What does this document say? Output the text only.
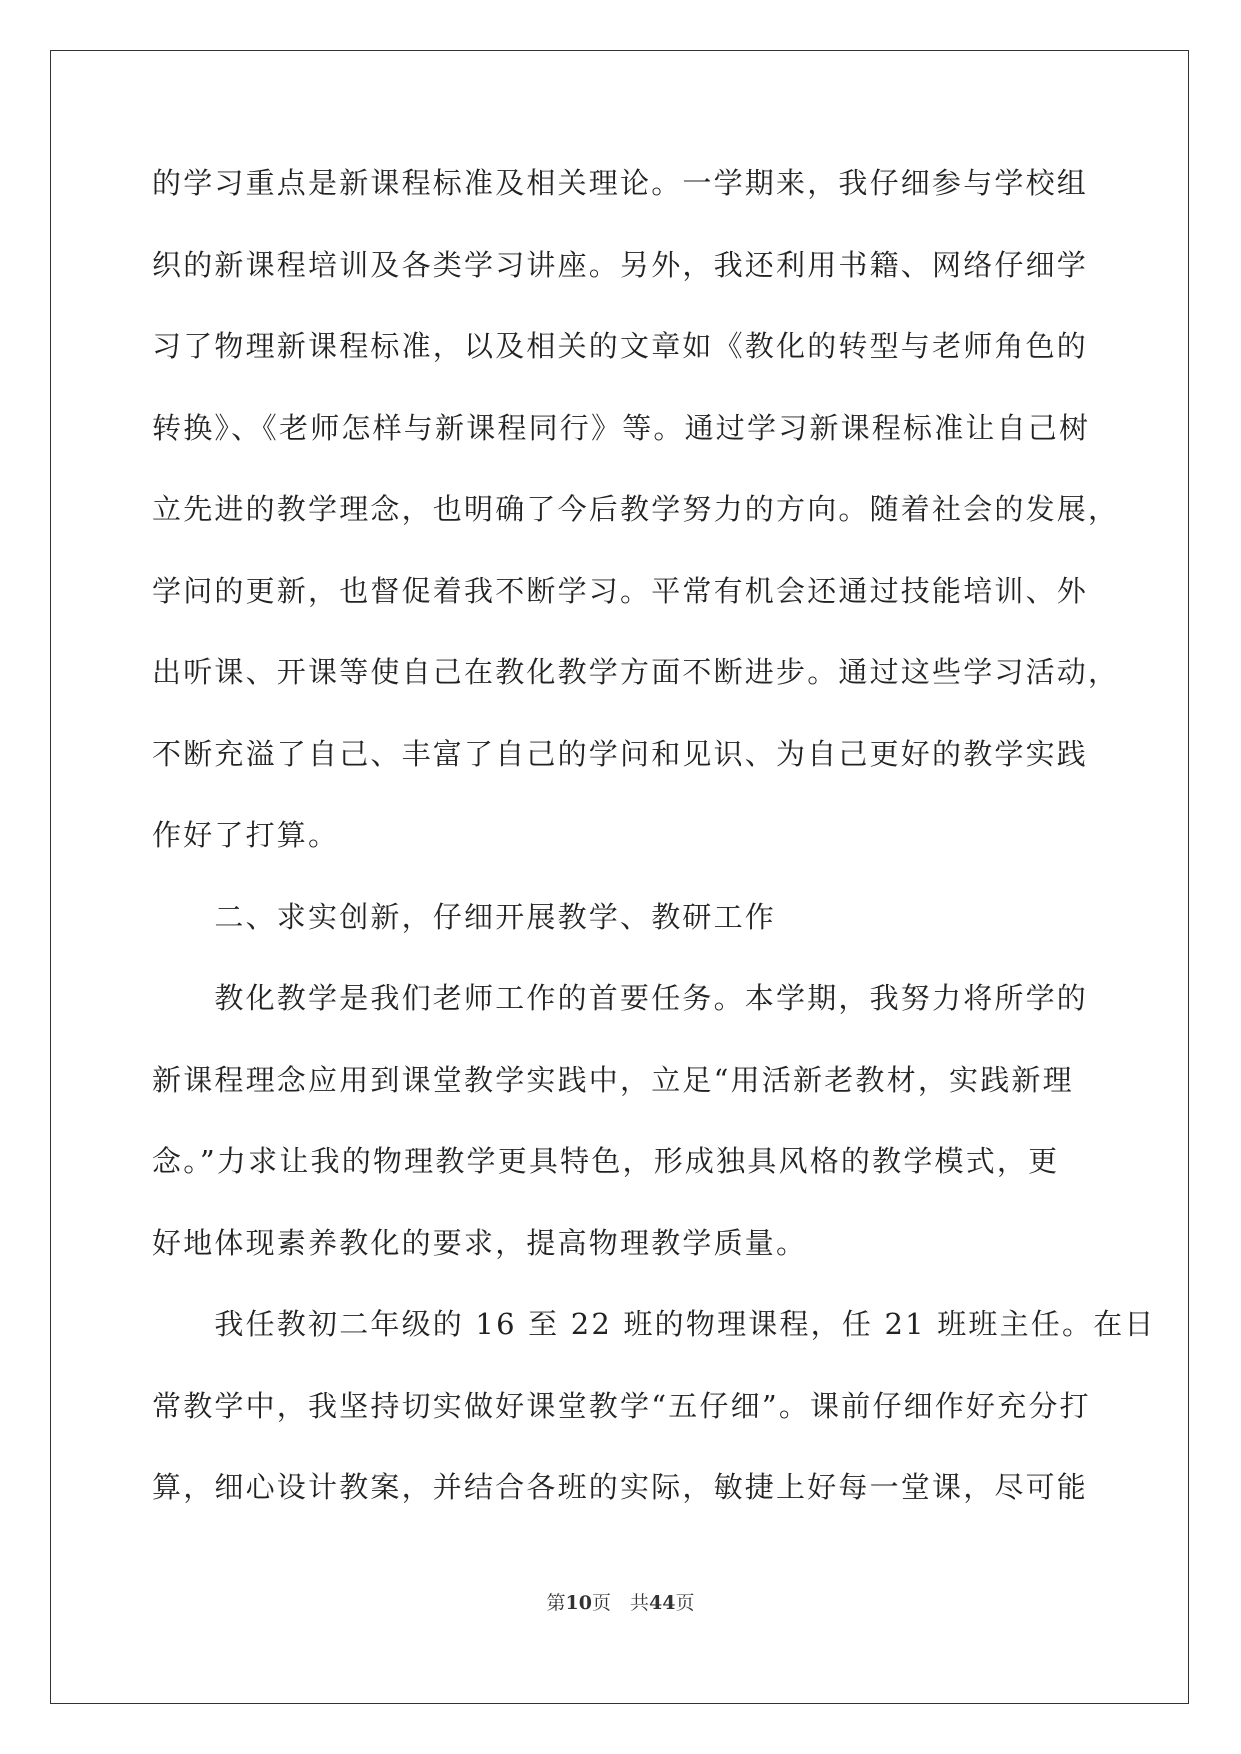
的学习重点是新课程标准及相关理论。一学期来，我仔细参与学校组
织的新课程培训及各类学习讲座。另外，我还利用书籍、网络仔细学
习了物理新课程标准，以及相关的文章如《教化的转型与老师角色的
转换》、《老师怎样与新课程同行》等。通过学习新课程标准让自己树
立先进的教学理念，也明确了今后教学努力的方向。随着社会的发展，
学问的更新，也督促着我不断学习。平常有机会还通过技能培训、外
出听课、开课等使自己在教化教学方面不断进步。通过这些学习活动，
不断充溢了自己、丰富了自己的学问和见识、为自己更好的教学实践
作好了打算。
　　二、求实创新，仔细开展教学、教研工作
　　教化教学是我们老师工作的首要任务。本学期，我努力将所学的
新课程理念应用到课堂教学实践中，立足“用活新老教材，实践新理
念。”力求让我的物理教学更具特色，形成独具风格的教学模式，更
好地体现素养教化的要求，提高物理教学质量。
　　我任教初二年级的 16 至 22 班的物理课程，任 21 班班主任。在日
常教学中，我坚持切实做好课堂教学“五仔细”。课前仔细作好充分打
算，细心设计教案，并结合各班的实际，敏捷上好每一堂课，尽可能
第10页　共44页
